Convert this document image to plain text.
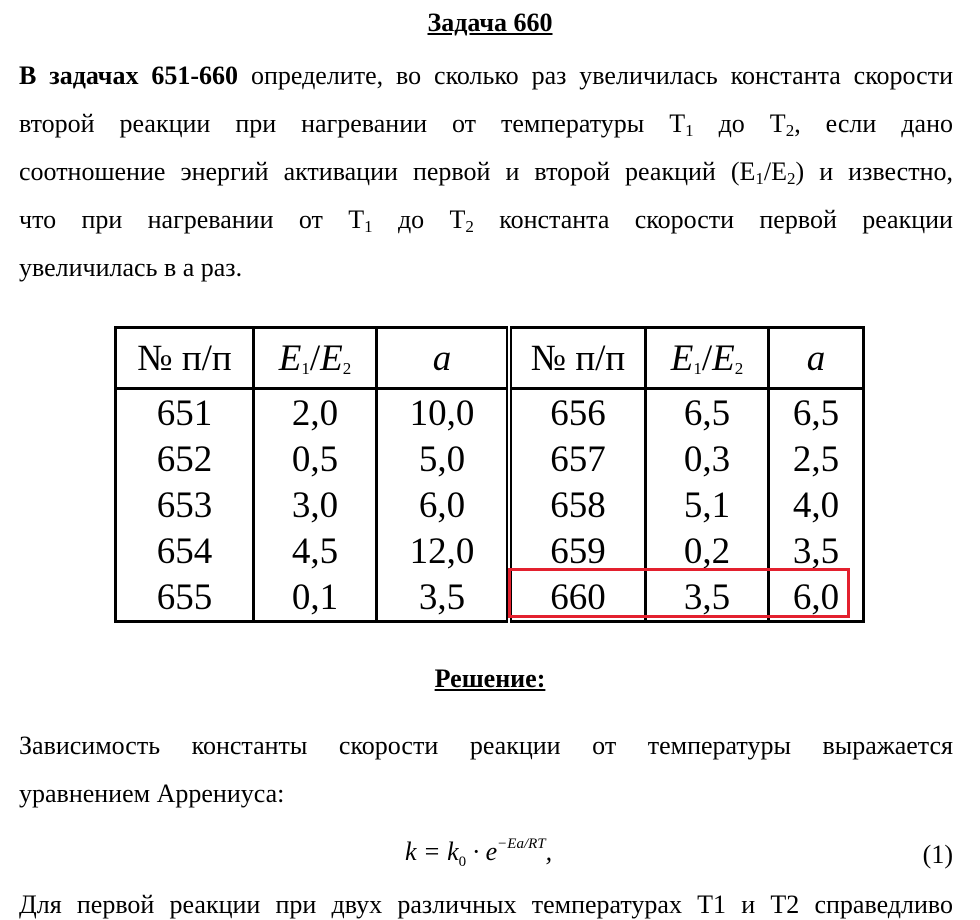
Задача 660
В задачах 651-660 определите, во сколько раз увеличилась константа скорости
второй реакции при нагревании от температуры $T_1$ до $T_2$, если дано
соотношение энергий активации первой и второй реакций $(E_1/E_2)$ и известно,
что при нагревании от $T_1$ до $T_2$ константа скорости первой реакции
увеличилась в a раз.
№ п/п	$E_1/E_2$	a	№ п/п	$E_1/E_2$	a
651	2,0	10,0	656	6,5	6,5
652	0,5	5,0	657	0,3	2,5
653	3,0	6,0	658	5,1	4,0
654	4,5	12,0	659	0,2	3,5
655	0,1	3,5	660	3,5	6,0
Решение:
Зависимость константы скорости реакции от температуры выражается
уравнением Аррениуса:
$k = k_0 \cdot e^{-Ea/RT}$,	(1)
Для первой реакции при двух различных температурах T1 и T2 справедливо
